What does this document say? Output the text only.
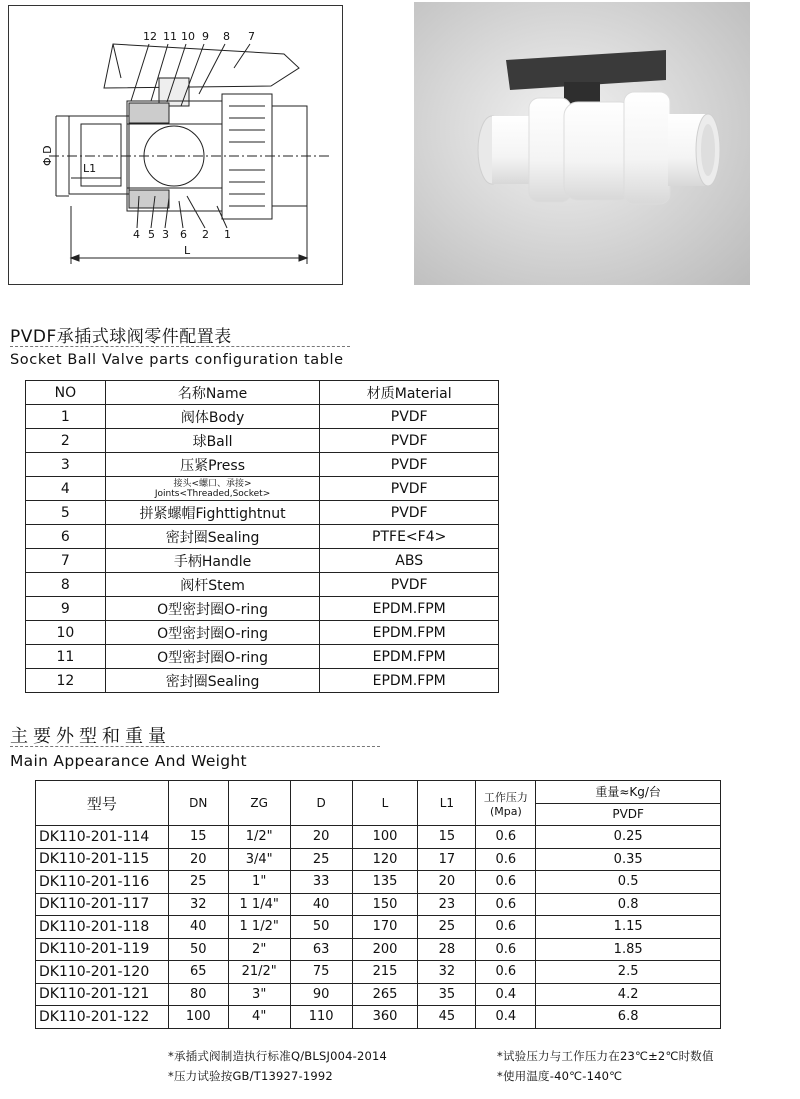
12 11 10 9 8 7
4 5 3 6 2 1
L1
L
Φ D
PVDF承插式球阀零件配置表
Socket Ball Valve parts configuration table
NO	名称Name	材质Material
1	阀体Body	PVDF
2	球Ball	PVDF
3	压紧Press	PVDF
4	接头<螺口、承接>
Joints<Threaded,Socket>	PVDF
5	拼紧螺帽Fighttightnut	PVDF
6	密封圈Sealing	PTFE<F4>
7	手柄Handle	ABS
8	阀杆Stem	PVDF
9	O型密封圈O-ring	EPDM.FPM
10	O型密封圈O-ring	EPDM.FPM
11	O型密封圈O-ring	EPDM.FPM
12	密封圈Sealing	EPDM.FPM
主要外型和重量
Main Appearance And Weight
型号	DN	ZG	D	L	L1	工作压力
(Mpa)	重量≈Kg/台
							PVDF
DK110-201-114	15	1/2"	20	100	15	0.6	0.25
DK110-201-115	20	3/4"	25	120	17	0.6	0.35
DK110-201-116	25	1"	33	135	20	0.6	0.5
DK110-201-117	32	1 1/4"	40	150	23	0.6	0.8
DK110-201-118	40	1 1/2"	50	170	25	0.6	1.15
DK110-201-119	50	2"	63	200	28	0.6	1.85
DK110-201-120	65	21/2"	75	215	32	0.6	2.5
DK110-201-121	80	3"	90	265	35	0.4	4.2
DK110-201-122	100	4"	110	360	45	0.4	6.8
*承插式阀制造执行标准Q/BLSJ004-2014
*压力试验按GB/T13927-1992
*试验压力与工作压力在23℃±2℃时数值
*使用温度-40℃-140℃
